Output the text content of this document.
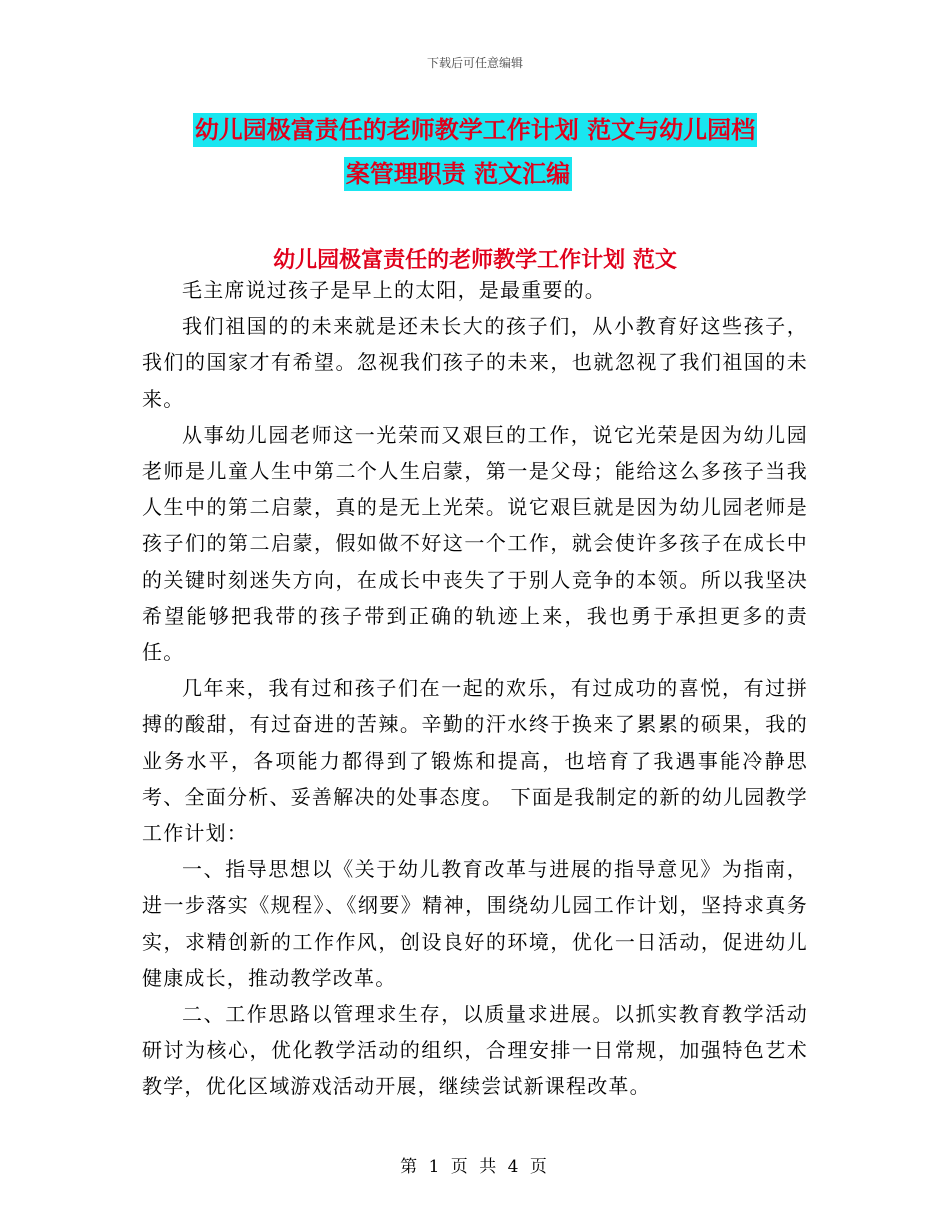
下载后可任意编辑
幼儿园极富责任的老师教学工作计划 范文与幼儿园档
案管理职责 范文汇编
幼儿园极富责任的老师教学工作计划 范文

毛主席说过孩子是早上的太阳，是最重要的。

我们祖国的的未来就是还未长大的孩子们，从小教育好这些孩子，我们的国家才有希望。忽视我们孩子的未来，也就忽视了我们祖国的未来。

从事幼儿园老师这一光荣而又艰巨的工作，说它光荣是因为幼儿园老师是儿童人生中第二个人生启蒙，第一是父母；能给这么多孩子当我人生中的第二启蒙，真的是无上光荣。说它艰巨就是因为幼儿园老师是孩子们的第二启蒙，假如做不好这一个工作，就会使许多孩子在成长中的关键时刻迷失方向，在成长中丧失了于别人竞争的本领。所以我坚决希望能够把我带的孩子带到正确的轨迹上来，我也勇于承担更多的责任。

几年来，我有过和孩子们在一起的欢乐，有过成功的喜悦，有过拼搏的酸甜，有过奋进的苦辣。辛勤的汗水终于换来了累累的硕果，我的业务水平，各项能力都得到了锻炼和提高，也培育了我遇事能冷静思考、全面分析、妥善解决的处事态度。 下面是我制定的新的幼儿园教学工作计划：

一、指导思想以《关于幼儿教育改革与进展的指导意见》为指南，进一步落实《规程》、《纲要》精神，围绕幼儿园工作计划，坚持求真务实，求精创新的工作作风，创设良好的环境，优化一日活动，促进幼儿健康成长，推动教学改革。

二、工作思路以管理求生存，以质量求进展。以抓实教育教学活动研讨为核心，优化教学活动的组织，合理安排一日常规，加强特色艺术教学，优化区域游戏活动开展，继续尝试新课程改革。

第 1 页 共 4 页
